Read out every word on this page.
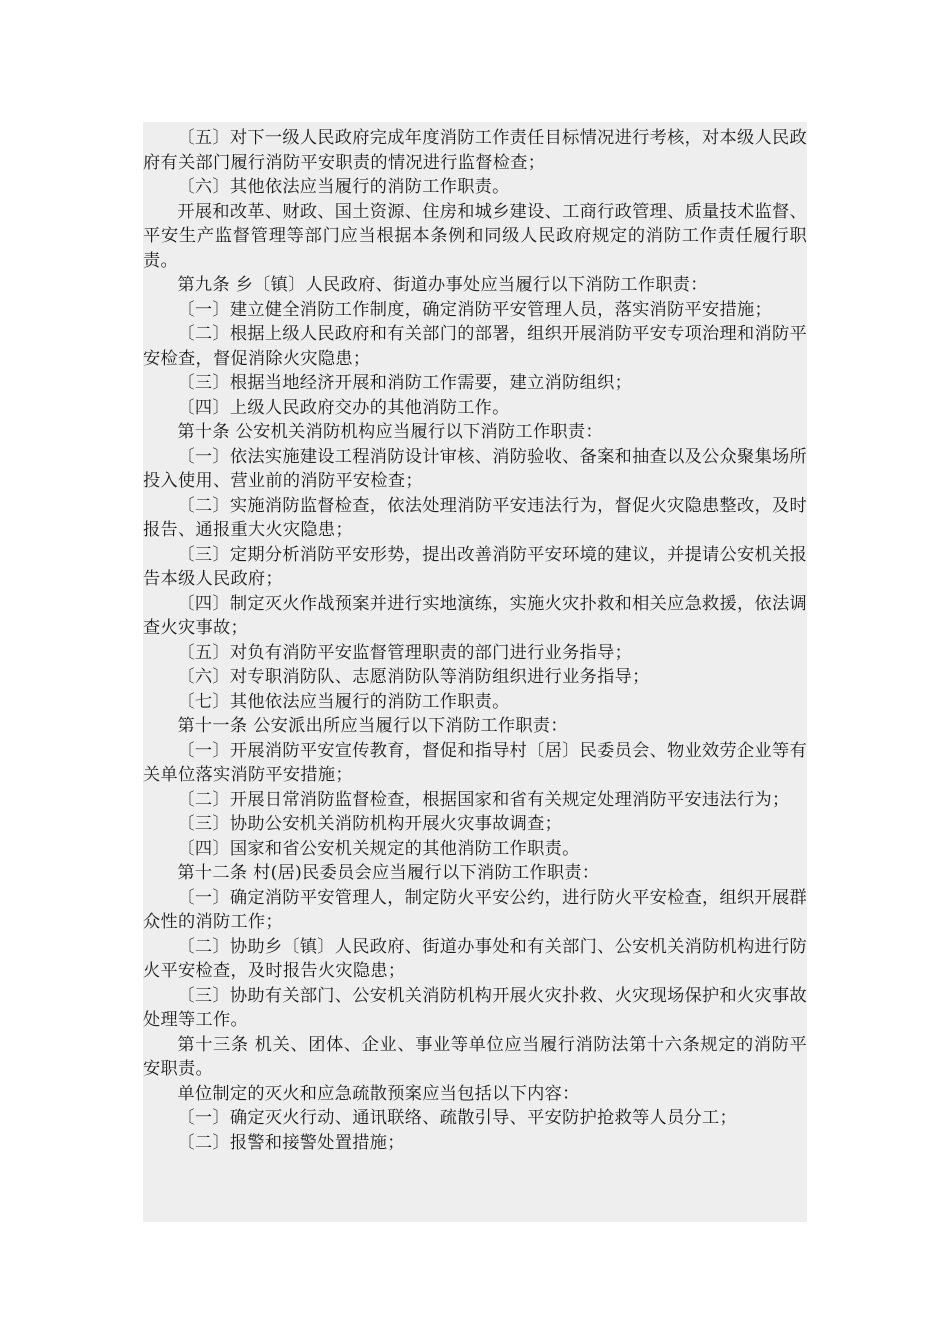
〔五〕对下一级人民政府完成年度消防工作责任目标情况进行考核，对本级人民政府有关部门履行消防平安职责的情况进行监督检查；

〔六〕其他依法应当履行的消防工作职责。

开展和改革、财政、国土资源、住房和城乡建设、工商行政管理、质量技术监督、平安生产监督管理等部门应当根据本条例和同级人民政府规定的消防工作责任履行职责。

第九条 乡〔镇〕人民政府、街道办事处应当履行以下消防工作职责：

〔一〕建立健全消防工作制度，确定消防平安管理人员，落实消防平安措施；

〔二〕根据上级人民政府和有关部门的部署，组织开展消防平安专项治理和消防平安检查，督促消除火灾隐患；

〔三〕根据当地经济开展和消防工作需要，建立消防组织；

〔四〕上级人民政府交办的其他消防工作。

第十条 公安机关消防机构应当履行以下消防工作职责：

〔一〕依法实施建设工程消防设计审核、消防验收、备案和抽查以及公众聚集场所投入使用、营业前的消防平安检查；

〔二〕实施消防监督检查，依法处理消防平安违法行为，督促火灾隐患整改，及时报告、通报重大火灾隐患；

〔三〕定期分析消防平安形势，提出改善消防平安环境的建议，并提请公安机关报告本级人民政府；

〔四〕制定灭火作战预案并进行实地演练，实施火灾扑救和相关应急救援，依法调查火灾事故；

〔五〕对负有消防平安监督管理职责的部门进行业务指导；

〔六〕对专职消防队、志愿消防队等消防组织进行业务指导；

〔七〕其他依法应当履行的消防工作职责。

第十一条 公安派出所应当履行以下消防工作职责：

〔一〕开展消防平安宣传教育，督促和指导村〔居〕民委员会、物业效劳企业等有关单位落实消防平安措施；

〔二〕开展日常消防监督检查，根据国家和省有关规定处理消防平安违法行为；

〔三〕协助公安机关消防机构开展火灾事故调查；

〔四〕国家和省公安机关规定的其他消防工作职责。

第十二条 村(居)民委员会应当履行以下消防工作职责：

〔一〕确定消防平安管理人，制定防火平安公约，进行防火平安检查，组织开展群众性的消防工作；

〔二〕协助乡〔镇〕人民政府、街道办事处和有关部门、公安机关消防机构进行防火平安检查，及时报告火灾隐患；

〔三〕协助有关部门、公安机关消防机构开展火灾扑救、火灾现场保护和火灾事故处理等工作。

第十三条 机关、团体、企业、事业等单位应当履行消防法第十六条规定的消防平安职责。

单位制定的灭火和应急疏散预案应当包括以下内容：

〔一〕确定灭火行动、通讯联络、疏散引导、平安防护抢救等人员分工；

〔二〕报警和接警处置措施；
